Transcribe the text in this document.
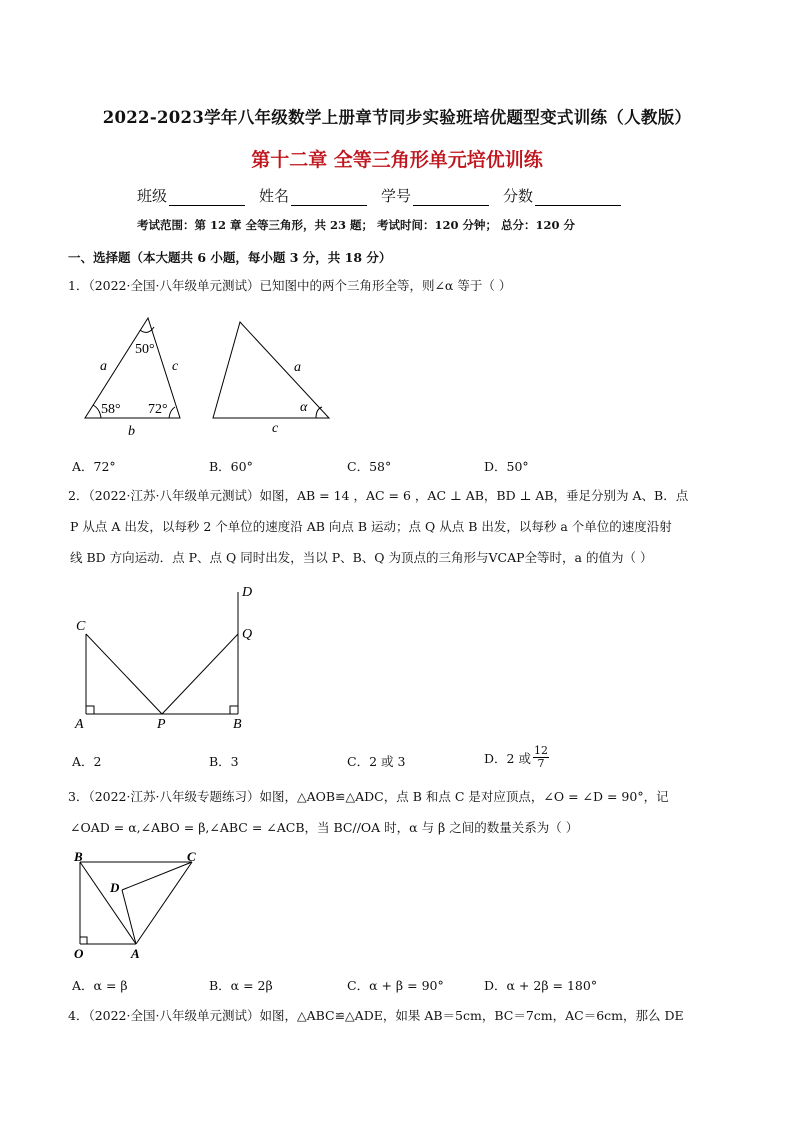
2022-2023学年八年级数学上册章节同步实验班培优题型变式训练（人教版）
第十二章 全等三角形单元培优训练
班级	姓名	学号	分数
考试范围：第 12 章 全等三角形，共 23 题； 考试时间：120 分钟； 总分：120 分
一、选择题（本大题共 6 小题，每小题 3 分，共 18 分）
1．（2022·全国·八年级单元测试）已知图中的两个三角形全等，则∠α 等于（ ）
50°
58° 72°
a	c
b
a
c
α
A．72°	B．60°	C．58°	D．50°
2．（2022·江苏·八年级单元测试）如图，AB = 14 ，AC = 6 ，AC ⊥ AB，BD ⊥ AB，垂足分别为 A、B．点
P 从点 A 出发，以每秒 2 个单位的速度沿 AB 向点 B 运动；点 Q 从点 B 出发，以每秒 a 个单位的速度沿射
线 BD 方向运动．点 P、点 Q 同时出发，当以 P、B、Q 为顶点的三角形与VCAP全等时，a 的值为（ ）
C
A	P	B
Q
D
A．2	B．3	C．2 或 3	D．2 或 $\frac{12}{7}$
3．（2022·江苏·八年级专题练习）如图，△AOB≌△ADC，点 B 和点 C 是对应顶点，∠O = ∠D = 90°，记
∠OAD = α,∠ABO = β,∠ABC = ∠ACB，当 BC//OA 时，α 与 β 之间的数量关系为（ ）
B	C
D
O	A
A．α = β	B．α = 2β	C．α + β = 90°	D．α + 2β = 180°
4．（2022·全国·八年级单元测试）如图，△ABC≌△ADE，如果 AB＝5cm，BC＝7cm，AC＝6cm，那么 DE
